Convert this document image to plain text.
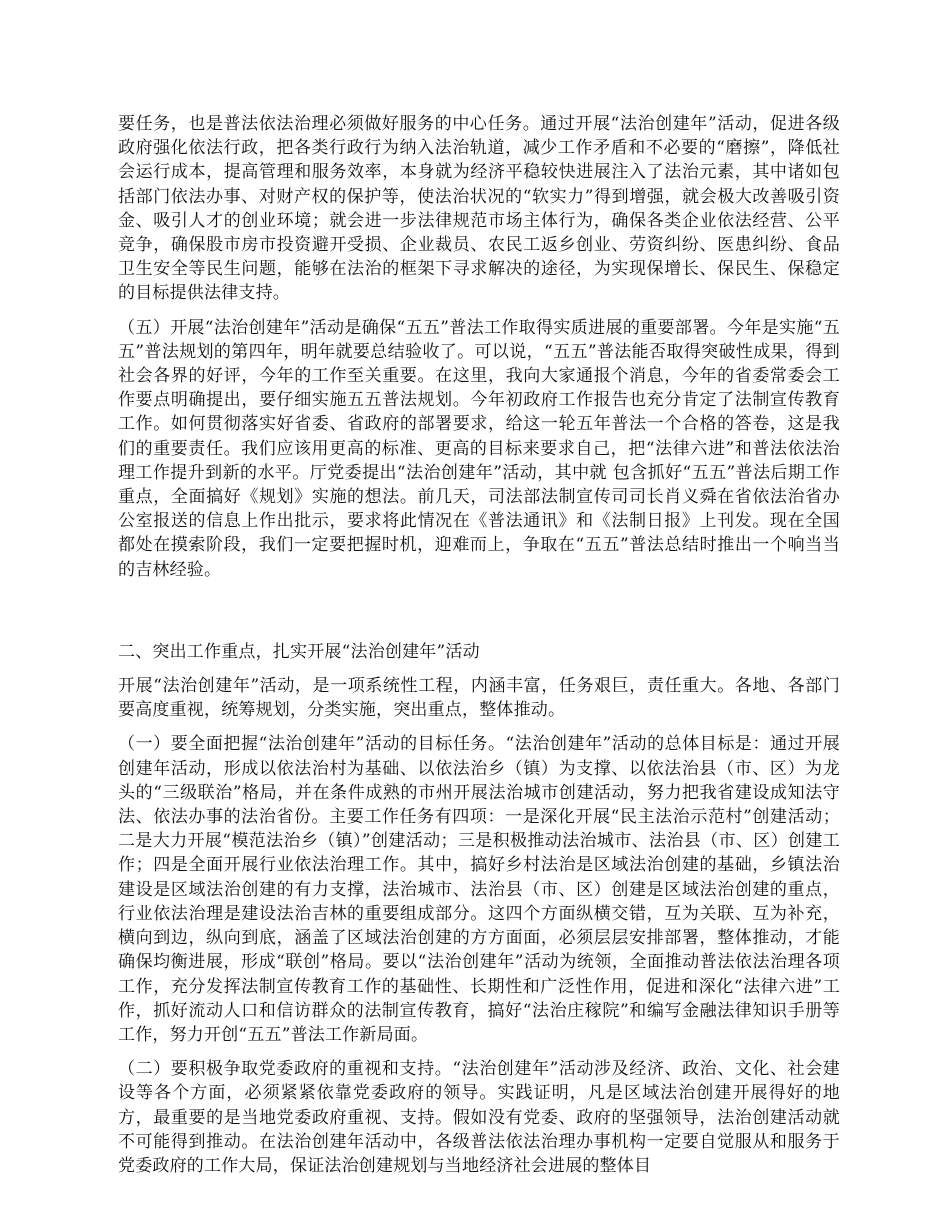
要任务，也是普法依法治理必须做好服务的中心任务。通过开展“法治创建年”活动，促进各级政府强化依法行政，把各类行政行为纳入法治轨道，减少工作矛盾和不必要的“磨擦”，降低社会运行成本，提高管理和服务效率，本身就为经济平稳较快进展注入了法治元素，其中诸如包括部门依法办事、对财产权的保护等，使法治状况的“软实力”得到增强，就会极大改善吸引资金、吸引人才的创业环境；就会进一步法律规范市场主体行为，确保各类企业依法经营、公平竞争，确保股市房市投资避开受损、企业裁员、农民工返乡创业、劳资纠纷、医患纠纷、食品卫生安全等民生问题，能够在法治的框架下寻求解决的途径，为实现保增长、保民生、保稳定的目标提供法律支持。

（五）开展“法治创建年”活动是确保“五五”普法工作取得实质进展的重要部署。今年是实施“五五”普法规划的第四年，明年就要总结验收了。可以说，“五五”普法能否取得突破性成果，得到社会各界的好评，今年的工作至关重要。在这里，我向大家通报个消息，今年的省委常委会工作要点明确提出，要仔细实施五五普法规划。今年初政府工作报告也充分肯定了法制宣传教育工作。如何贯彻落实好省委、省政府的部署要求，给这一轮五年普法一个合格的答卷，这是我们的重要责任。我们应该用更高的标准、更高的目标来要求自己，把“法律六进”和普法依法治理工作提升到新的水平。厅党委提出“法治创建年”活动，其中就 包含抓好“五五”普法后期工作重点，全面搞好《规划》实施的想法。前几天，司法部法制宣传司司长肖义舜在省依法治省办公室报送的信息上作出批示，要求将此情况在《普法通讯》和《法制日报》上刊发。现在全国都处在摸索阶段，我们一定要把握时机，迎难而上，争取在“五五”普法总结时推出一个响当当的吉林经验。

二、突出工作重点，扎实开展“法治创建年”活动

开展“法治创建年”活动，是一项系统性工程，内涵丰富，任务艰巨，责任重大。各地、各部门要高度重视，统筹规划，分类实施，突出重点，整体推动。

（一）要全面把握“法治创建年”活动的目标任务。“法治创建年”活动的总体目标是：通过开展创建年活动，形成以依法治村为基础、以依法治乡（镇）为支撑、以依法治县（市、区）为龙头的“三级联治”格局，并在条件成熟的市州开展法治城市创建活动，努力把我省建设成知法守法、依法办事的法治省份。主要工作任务有四项：一是深化开展“民主法治示范村”创建活动；二是大力开展“模范法治乡（镇）”创建活动；三是积极推动法治城市、法治县（市、区）创建工作；四是全面开展行业依法治理工作。其中，搞好乡村法治是区域法治创建的基础，乡镇法治建设是区域法治创建的有力支撑，法治城市、法治县（市、区）创建是区域法治创建的重点，行业依法治理是建设法治吉林的重要组成部分。这四个方面纵横交错，互为关联、互为补充，横向到边，纵向到底，涵盖了区域法治创建的方方面面，必须层层安排部署，整体推动，才能确保均衡进展，形成“联创”格局。要以“法治创建年”活动为统领，全面推动普法依法治理各项工作，充分发挥法制宣传教育工作的基础性、长期性和广泛性作用，促进和深化“法律六进”工作，抓好流动人口和信访群众的法制宣传教育，搞好“法治庄稼院”和编写金融法律知识手册等工作，努力开创“五五”普法工作新局面。

（二）要积极争取党委政府的重视和支持。“法治创建年”活动涉及经济、政治、文化、社会建设等各个方面，必须紧紧依靠党委政府的领导。实践证明，凡是区域法治创建开展得好的地方，最重要的是当地党委政府重视、支持。假如没有党委、政府的坚强领导，法治创建活动就不可能得到推动。在法治创建年活动中，各级普法依法治理办事机构一定要自觉服从和服务于党委政府的工作大局，保证法治创建规划与当地经济社会进展的整体目
